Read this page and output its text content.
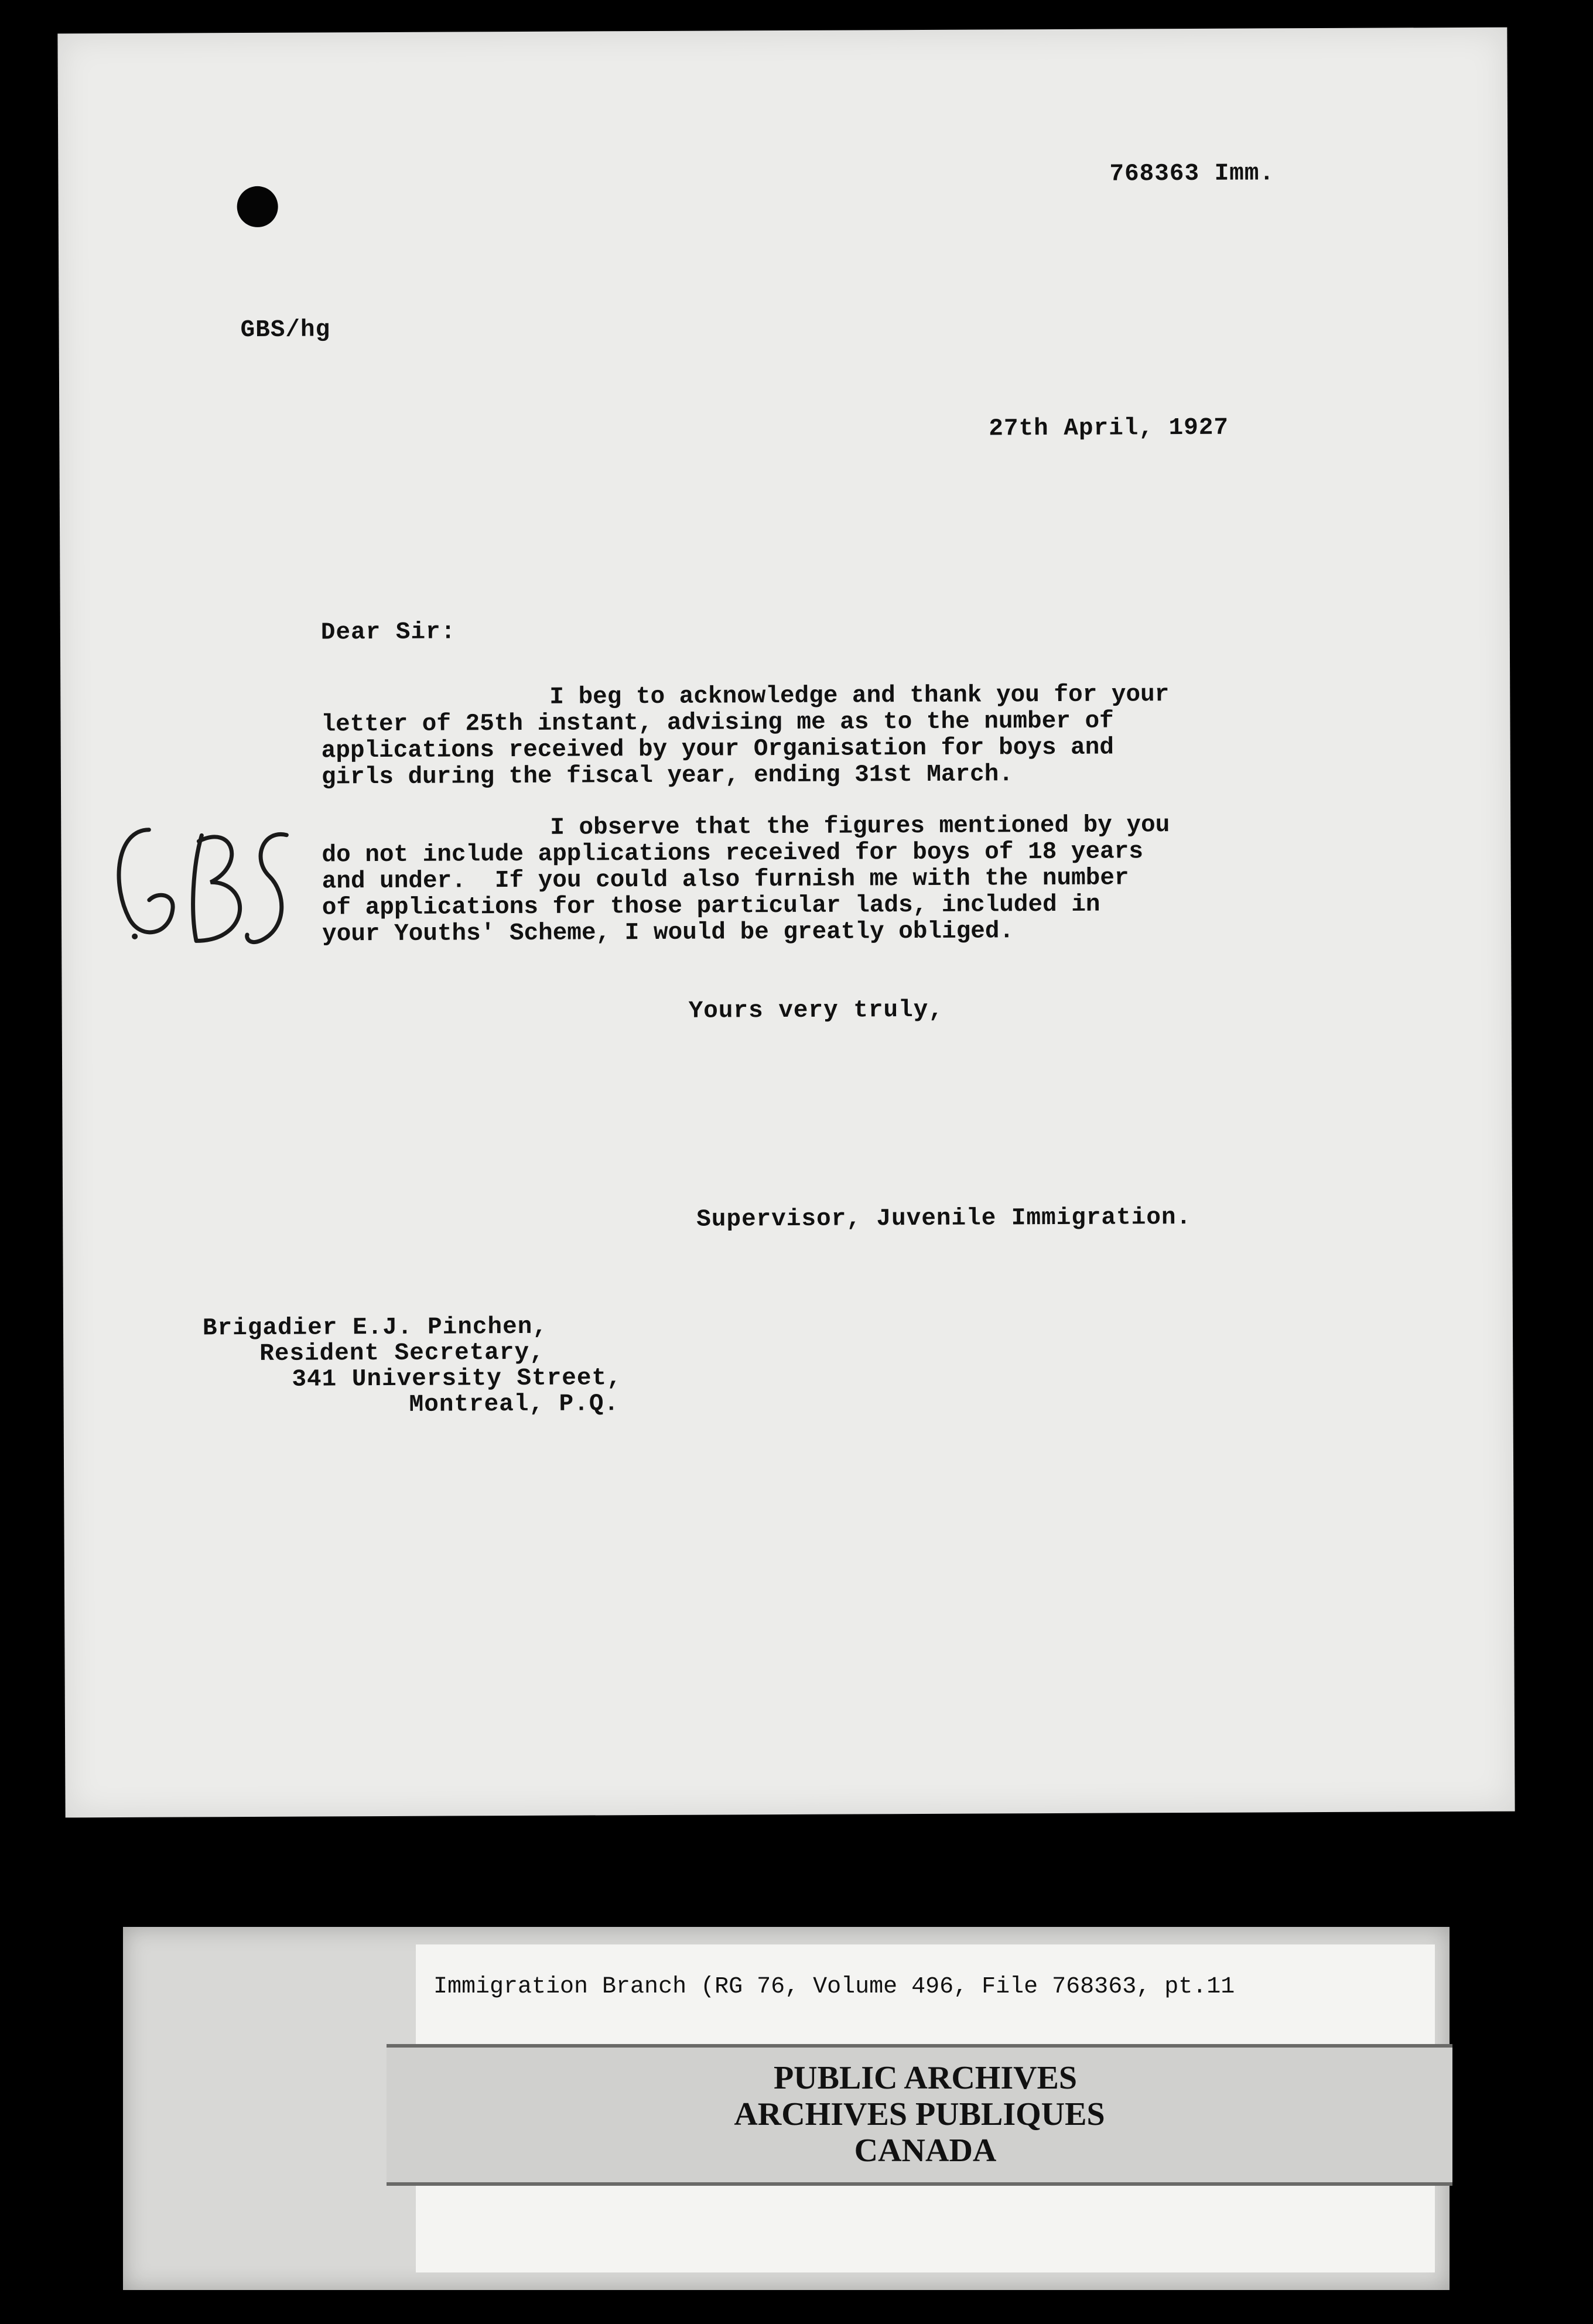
768363 Imm.
GBS/hg
27th April, 1927
Dear Sir:
I beg to acknowledge and thank you for your
letter of 25th instant, advising me as to the number of
applications received by your Organisation for boys and
girls during the fiscal year, ending 31st March.
I observe that the figures mentioned by you
do not include applications received for boys of 18 years
and under.  If you could also furnish me with the number
of applications for those particular lads, included in
your Youths' Scheme, I would be greatly obliged.
Yours very truly,
Supervisor, Juvenile Immigration.
Brigadier E.J. Pinchen,
Resident Secretary,
341 University Street,
Montreal, P.Q.
Immigration Branch (RG 76, Volume 496, File 768363, pt.11
PUBLIC ARCHIVES
ARCHIVES PUBLIQUES
CANADA
